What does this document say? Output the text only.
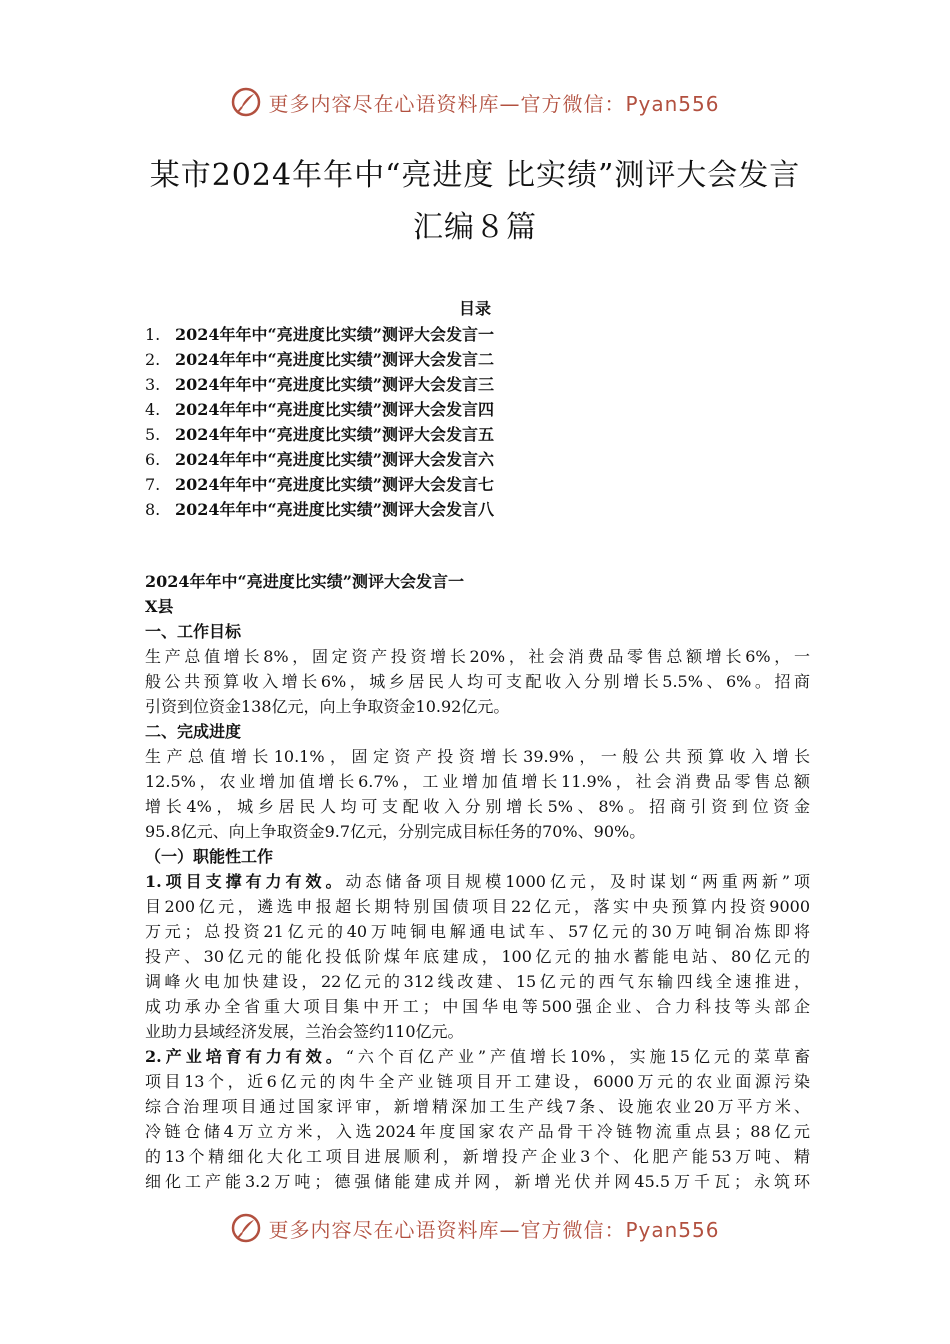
更多内容尽在心语资料库—官方微信：Pyan556
某市2024年年中“亮进度 比实绩”测评大会发言
汇编８篇
目录
1. 2024年年中“亮进度比实绩”测评大会发言一
2. 2024年年中“亮进度比实绩”测评大会发言二
3. 2024年年中“亮进度比实绩”测评大会发言三
4. 2024年年中“亮进度比实绩”测评大会发言四
5. 2024年年中“亮进度比实绩”测评大会发言五
6. 2024年年中“亮进度比实绩”测评大会发言六
7. 2024年年中“亮进度比实绩”测评大会发言七
8. 2024年年中“亮进度比实绩”测评大会发言八
2024年年中“亮进度比实绩”测评大会发言一
X县
一、工作目标
生产总值增长8%，固定资产投资增长20%，社会消费品零售总额增长6%，一
般公共预算收入增长6%，城乡居民人均可支配收入分别增长5.5%、6%。招商
引资到位资金138亿元，向上争取资金10.92亿元。
二、完成进度
生产总值增长10.1%，固定资产投资增长39.9%，一般公共预算收入增长
12.5%，农业增加值增长6.7%，工业增加值增长11.9%，社会消费品零售总额
增长4%，城乡居民人均可支配收入分别增长5%、8%。招商引资到位资金
95.8亿元、向上争取资金9.7亿元，分别完成目标任务的70%、90%。
（一）职能性工作
1.项目支撑有力有效。动态储备项目规模1000亿元，及时谋划“两重两新”项
目200亿元，遴选申报超长期特别国债项目22亿元，落实中央预算内投资9000
万元；总投资21亿元的40万吨铜电解通电试车、57亿元的30万吨铜冶炼即将
投产、30亿元的能化投低阶煤年底建成，100亿元的抽水蓄能电站、80亿元的
调峰火电加快建设，22亿元的312线改建、15亿元的西气东输四线全速推进，
成功承办全省重大项目集中开工；中国华电等500强企业、合力科技等头部企
业助力县域经济发展，兰治会签约110亿元。
2.产业培育有力有效。“六个百亿产业”产值增长10%，实施15亿元的菜草畜
项目13个，近6亿元的肉牛全产业链项目开工建设，6000万元的农业面源污染
综合治理项目通过国家评审，新增精深加工生产线7条、设施农业20万平方米、
冷链仓储4万立方米，入选2024年度国家农产品骨干冷链物流重点县；88亿元
的13个精细化大化工项目进展顺利，新增投产企业3个、化肥产能53万吨、精
细化工产能3.2万吨；德强储能建成并网，新增光伏并网45.5万千瓦；永筑环
更多内容尽在心语资料库—官方微信：Pyan556
